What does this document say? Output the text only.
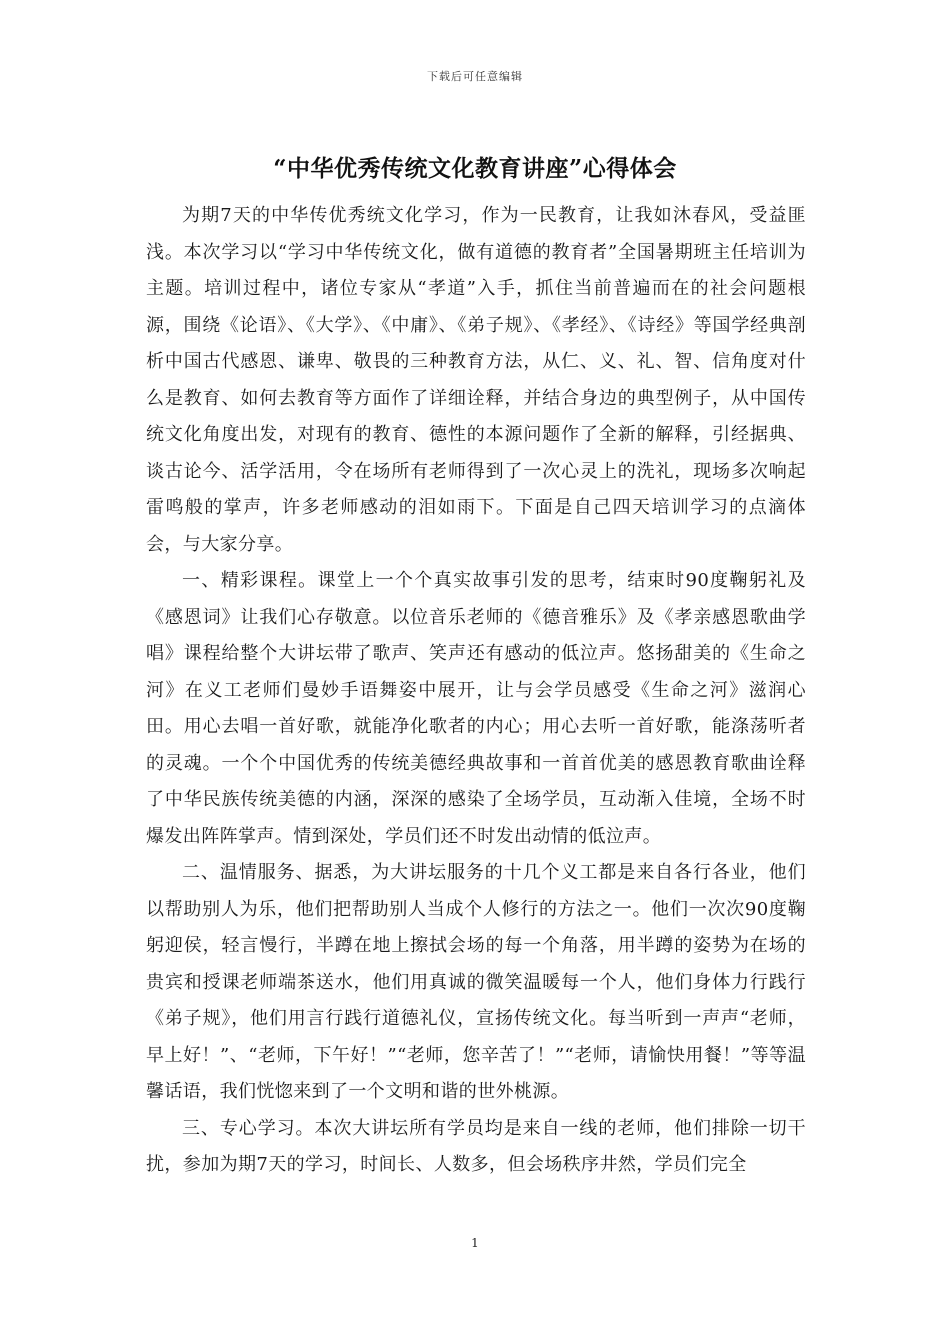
下载后可任意编辑
“中华优秀传统文化教育讲座”心得体会

为期7天的中华传优秀统文化学习，作为一民教育，让我如沐春风，受益匪浅。本次学习以“学习中华传统文化，做有道德的教育者”全国暑期班主任培训为主题。培训过程中，诸位专家从“孝道”入手，抓住当前普遍而在的社会问题根源，围绕《论语》、《大学》、《中庸》、《弟子规》、《孝经》、《诗经》等国学经典剖析中国古代感恩、谦卑、敬畏的三种教育方法，从仁、义、礼、智、信角度对什么是教育、如何去教育等方面作了详细诠释，并结合身边的典型例子，从中国传统文化角度出发，对现有的教育、德性的本源问题作了全新的解释，引经据典、谈古论今、活学活用，令在场所有老师得到了一次心灵上的洗礼，现场多次响起雷鸣般的掌声，许多老师感动的泪如雨下。下面是自己四天培训学习的点滴体会，与大家分享。

一、精彩课程。课堂上一个个真实故事引发的思考，结束时90度鞠躬礼及《感恩词》让我们心存敬意。以位音乐老师的《德音雅乐》及《孝亲感恩歌曲学唱》课程给整个大讲坛带了歌声、笑声还有感动的低泣声。悠扬甜美的《生命之河》在义工老师们曼妙手语舞姿中展开，让与会学员感受《生命之河》滋润心田。用心去唱一首好歌，就能净化歌者的内心；用心去听一首好歌，能涤荡听者的灵魂。一个个中国优秀的传统美德经典故事和一首首优美的感恩教育歌曲诠释了中华民族传统美德的内涵，深深的感染了全场学员，互动渐入佳境，全场不时爆发出阵阵掌声。情到深处，学员们还不时发出动情的低泣声。

二、温情服务、据悉，为大讲坛服务的十几个义工都是来自各行各业，他们以帮助别人为乐，他们把帮助别人当成个人修行的方法之一。他们一次次90度鞠躬迎侯，轻言慢行，半蹲在地上擦拭会场的每一个角落，用半蹲的姿势为在场的贵宾和授课老师端茶送水，他们用真诚的微笑温暖每一个人，他们身体力行践行《弟子规》，他们用言行践行道德礼仪，宣扬传统文化。每当听到一声声“老师，早上好！”、“老师，下午好！”“老师，您辛苦了！”“老师，请愉快用餐！”等等温馨话语，我们恍惚来到了一个文明和谐的世外桃源。

三、专心学习。本次大讲坛所有学员均是来自一线的老师，他们排除一切干扰，参加为期7天的学习，时间长、人数多，但会场秩序井然，学员们完全

1
